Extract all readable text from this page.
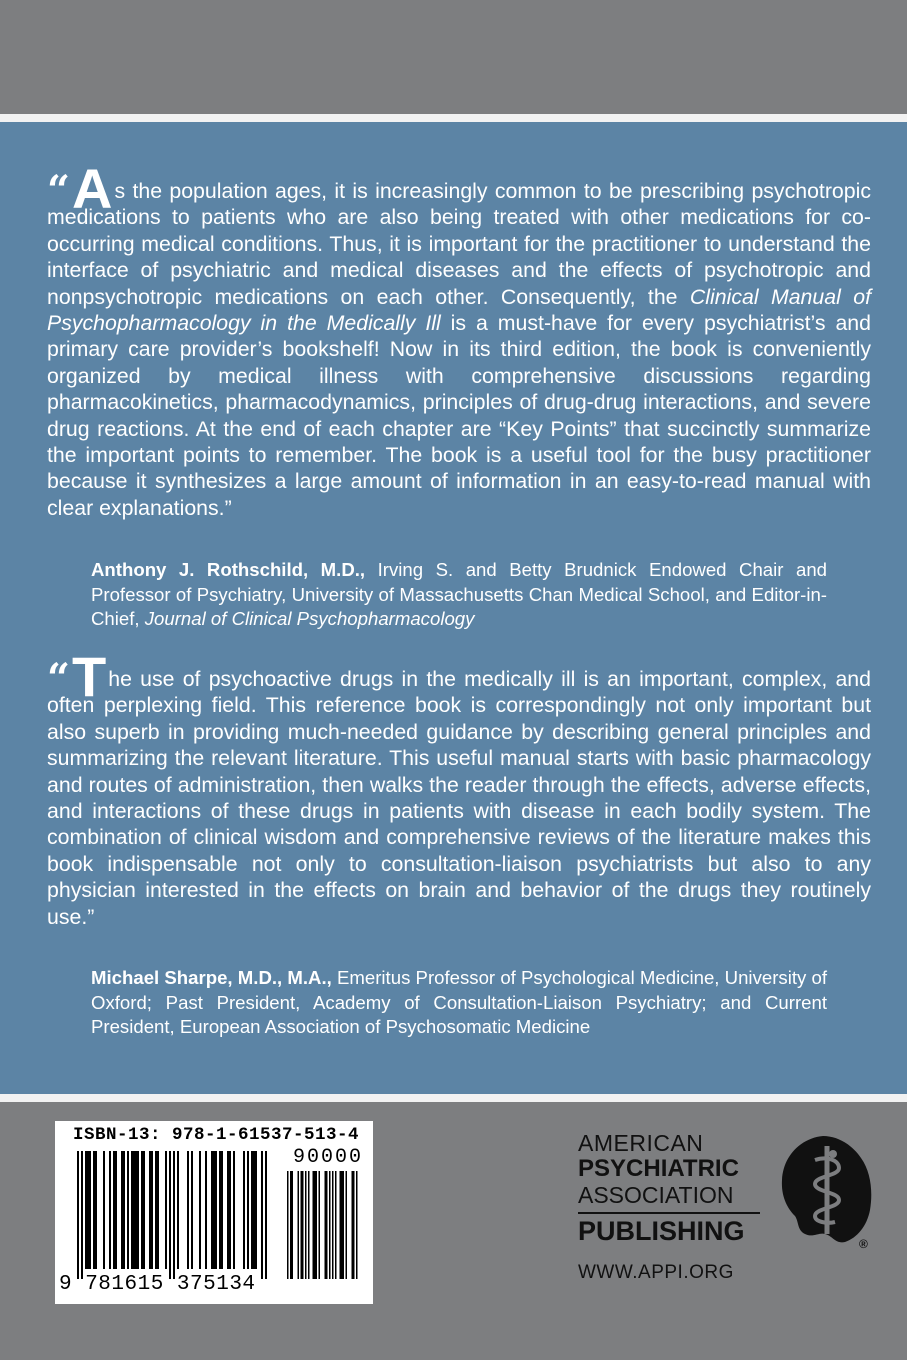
“ As the population ages, it is increasingly common to be prescribing psychotropic medications to patients who are also being treated with other medications for co-occurring medical conditions. Thus, it is important for the practitioner to understand the interface of psychiatric and medical diseases and the effects of psychotropic and nonpsychotropic medications on each other. Consequently, the Clinical Manual of Psychopharmacology in the Medically Ill is a must-have for every psychiatrist’s and primary care provider’s bookshelf! Now in its third edition, the book is conveniently organized by medical illness with comprehensive discussions regarding pharmacokinetics, pharmacodynamics, principles of drug-drug interactions, and severe drug reactions. At the end of each chapter are “Key Points” that succinctly summarize the important points to remember. The book is a useful tool for the busy practitioner because it synthesizes a large amount of information in an easy-to-read manual with clear explanations.”

Anthony J. Rothschild, M.D., Irving S. and Betty Brudnick Endowed Chair and Professor of Psychiatry, University of Massachusetts Chan Medical School, and Editor-in-Chief, Journal of Clinical Psychopharmacology

“ The use of psychoactive drugs in the medically ill is an important, complex, and often perplexing field. This reference book is correspondingly not only important but also superb in providing much-needed guidance by describing general principles and summarizing the relevant literature. This useful manual starts with basic pharmacology and routes of administration, then walks the reader through the effects, adverse effects, and interactions of these drugs in patients with disease in each bodily system. The combination of clinical wisdom and comprehensive reviews of the literature makes this book indispensable not only to consultation-liaison psychiatrists but also to any physician interested in the effects on brain and behavior of the drugs they routinely use.”

Michael Sharpe, M.D., M.A., Emeritus Professor of Psychological Medicine, University of Oxford; Past President, Academy of Consultation-Liaison Psychiatry; and Current President, European Association of Psychosomatic Medicine

ISBN-13: 978-1-61537-513-4
90000
9 781615 375134
AMERICAN
PSYCHIATRIC
ASSOCIATION
PUBLISHING
WWW.APPI.ORG
®
